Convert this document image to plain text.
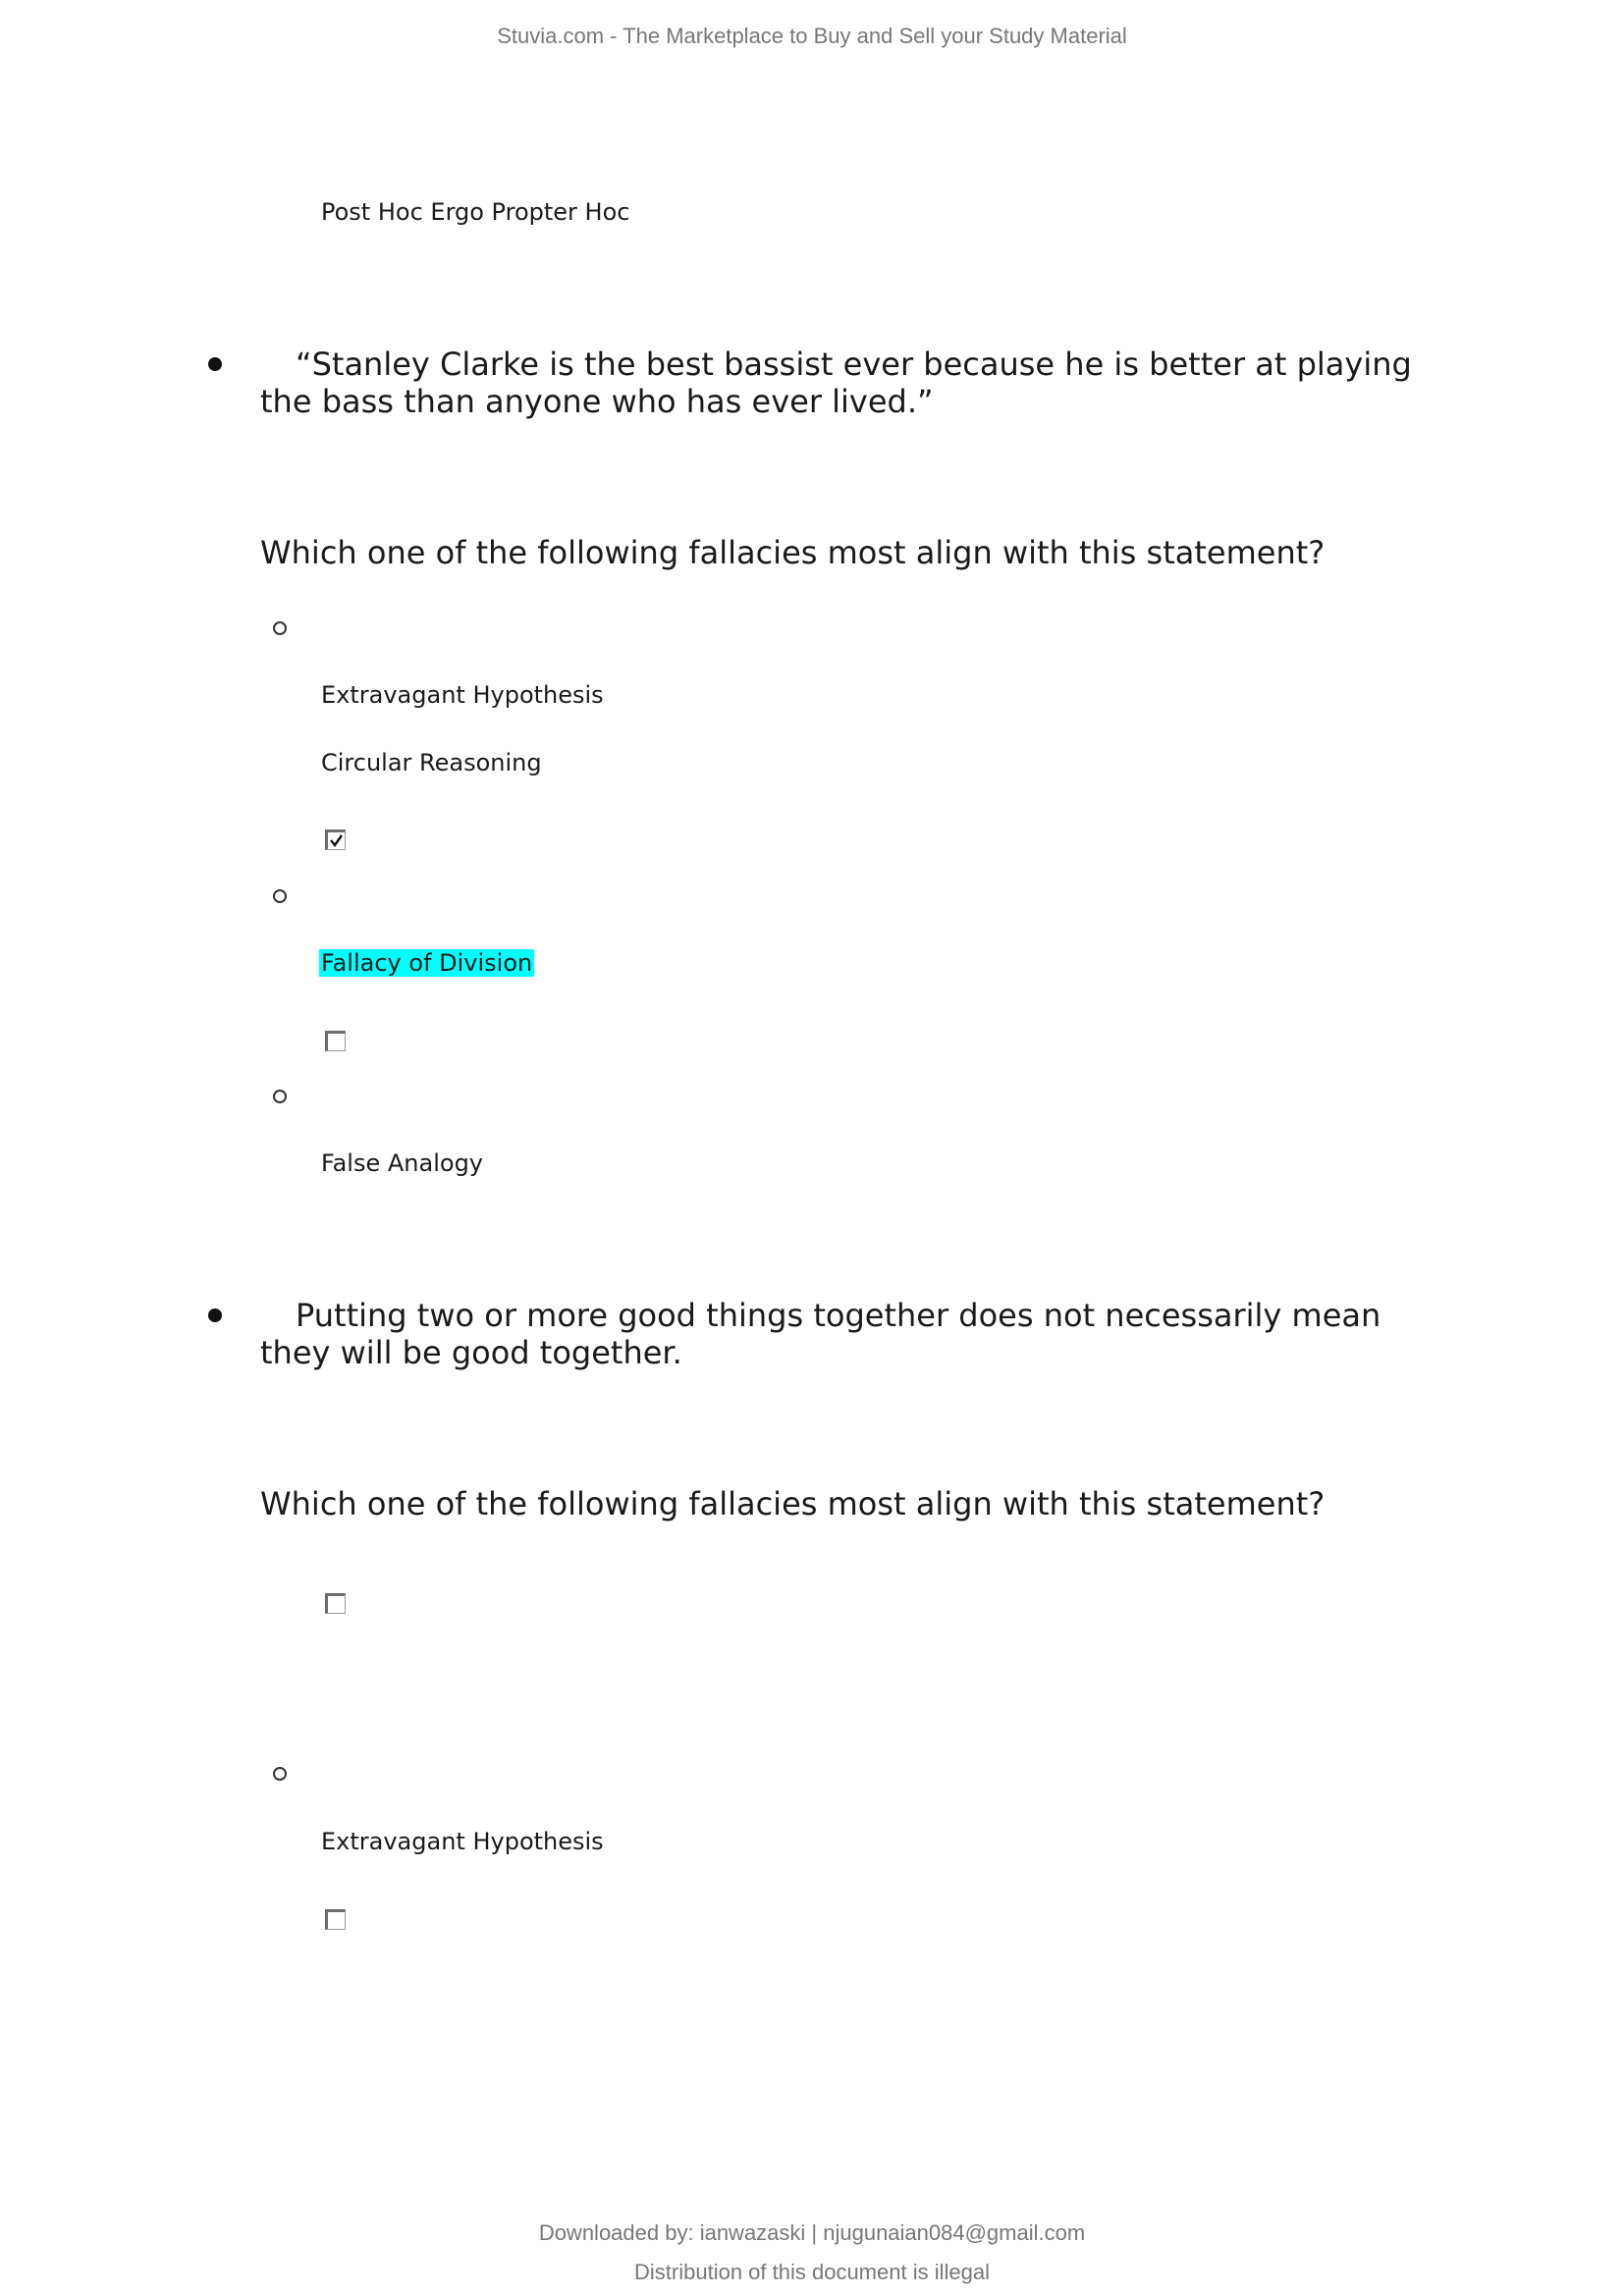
Stuvia.com - The Marketplace to Buy and Sell your Study Material
Post Hoc Ergo Propter Hoc
“Stanley Clarke is the best bassist ever because he is better at playing the bass than anyone who has ever lived.”
Which one of the following fallacies most align with this statement?
Extravagant Hypothesis
Circular Reasoning
Fallacy of Division
False Analogy
Putting two or more good things together does not necessarily mean they will be good together.
Which one of the following fallacies most align with this statement?
Extravagant Hypothesis
Downloaded by: ianwazaski | njugunaian084@gmail.com
Distribution of this document is illegal
